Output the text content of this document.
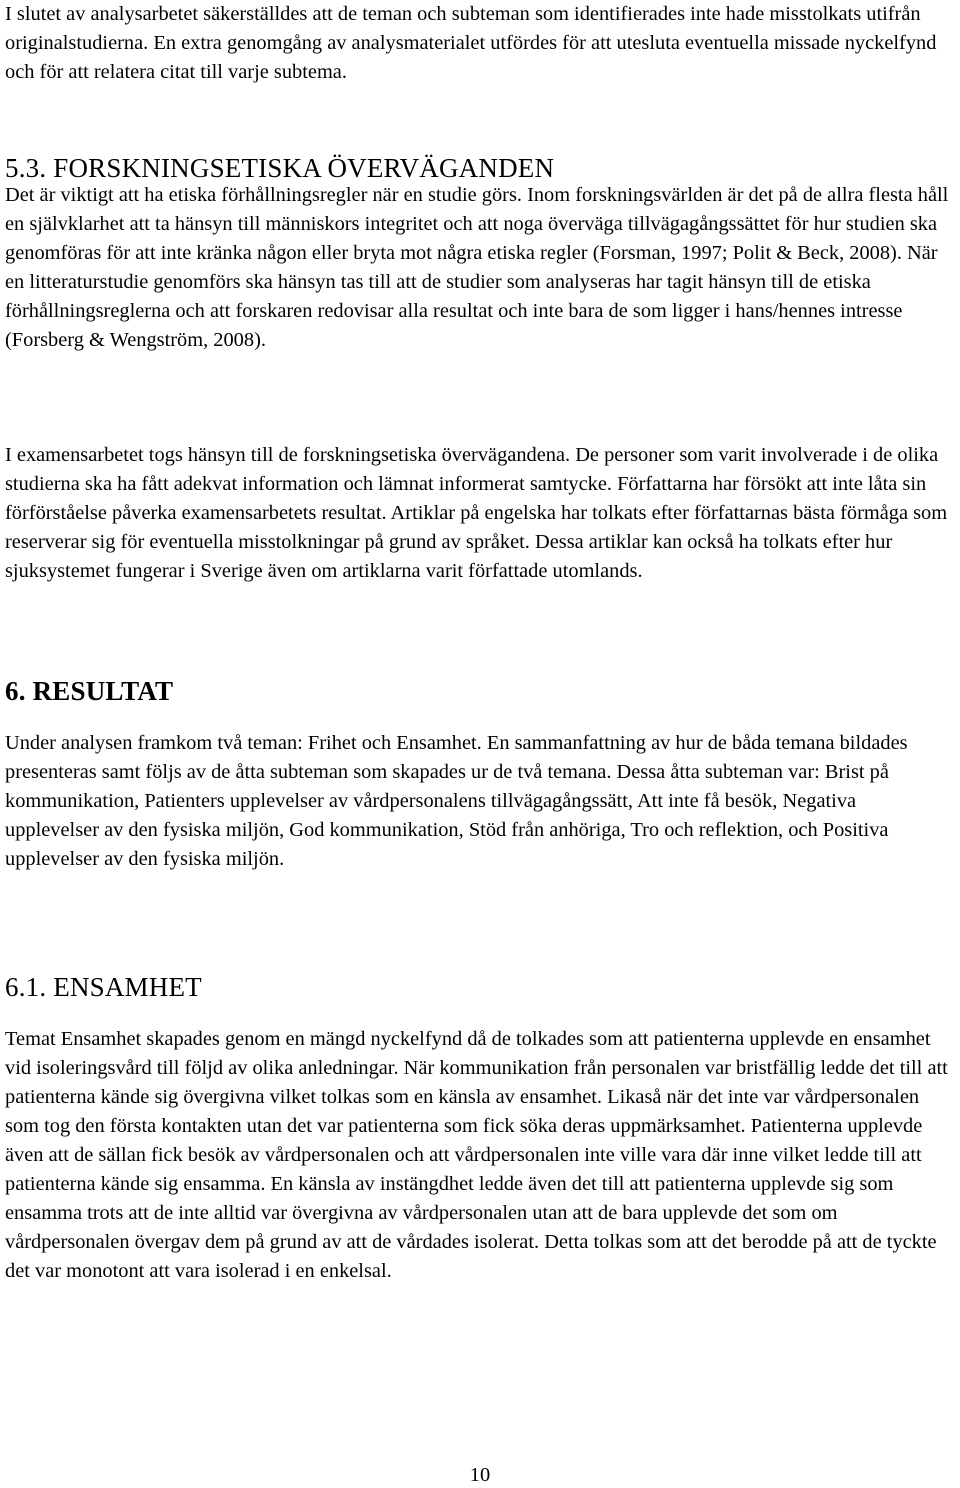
I slutet av analysarbetet säkerställdes att de teman och subteman som identifierades inte hade misstolkats utifrån originalstudierna. En extra genomgång av analysmaterialet utfördes för att utesluta eventuella missade nyckelfynd och för att relatera citat till varje subtema.

5.3. FORSKNINGSETISKA ÖVERVÄGANDEN

Det är viktigt att ha etiska förhållningsregler när en studie görs. Inom forskningsvärlden är det på de allra flesta håll en självklarhet att ta hänsyn till människors integritet och att noga överväga tillvägagångssättet för hur studien ska genomföras för att inte kränka någon eller bryta mot några etiska regler (Forsman, 1997; Polit & Beck, 2008). När en litteraturstudie genomförs ska hänsyn tas till att de studier som analyseras har tagit hänsyn till de etiska förhållningsreglerna och att forskaren redovisar alla resultat och inte bara de som ligger i hans/hennes intresse (Forsberg & Wengström, 2008).

I examensarbetet togs hänsyn till de forskningsetiska övervägandena. De personer som varit involverade i de olika studierna ska ha fått adekvat information och lämnat informerat samtycke. Författarna har försökt att inte låta sin förförståelse påverka examensarbetets resultat. Artiklar på engelska har tolkats efter författarnas bästa förmåga som reserverar sig för eventuella misstolkningar på grund av språket. Dessa artiklar kan också ha tolkats efter hur sjuksystemet fungerar i Sverige även om artiklarna varit författade utomlands.

6. RESULTAT

Under analysen framkom två teman: Frihet och Ensamhet. En sammanfattning av hur de båda temana bildades presenteras samt följs av de åtta subteman som skapades ur de två temana. Dessa åtta subteman var: Brist på kommunikation, Patienters upplevelser av vårdpersonalens tillvägagångssätt, Att inte få besök, Negativa upplevelser av den fysiska miljön, God kommunikation, Stöd från anhöriga, Tro och reflektion, och Positiva upplevelser av den fysiska miljön.

6.1. ENSAMHET

Temat Ensamhet skapades genom en mängd nyckelfynd då de tolkades som att patienterna upplevde en ensamhet vid isoleringsvård till följd av olika anledningar. När kommunikation från personalen var bristfällig ledde det till att patienterna kände sig övergivna vilket tolkas som en känsla av ensamhet. Likaså när det inte var vårdpersonalen som tog den första kontakten utan det var patienterna som fick söka deras uppmärksamhet. Patienterna upplevde även att de sällan fick besök av vårdpersonalen och att vårdpersonalen inte ville vara där inne vilket ledde till att patienterna kände sig ensamma. En känsla av instängdhet ledde även det till att patienterna upplevde sig som ensamma trots att de inte alltid var övergivna av vårdpersonalen utan att de bara upplevde det som om vårdpersonalen övergav dem på grund av att de vårdades isolerat. Detta tolkas som att det berodde på att de tyckte det var monotont att vara isolerad i en enkelsal.

10
